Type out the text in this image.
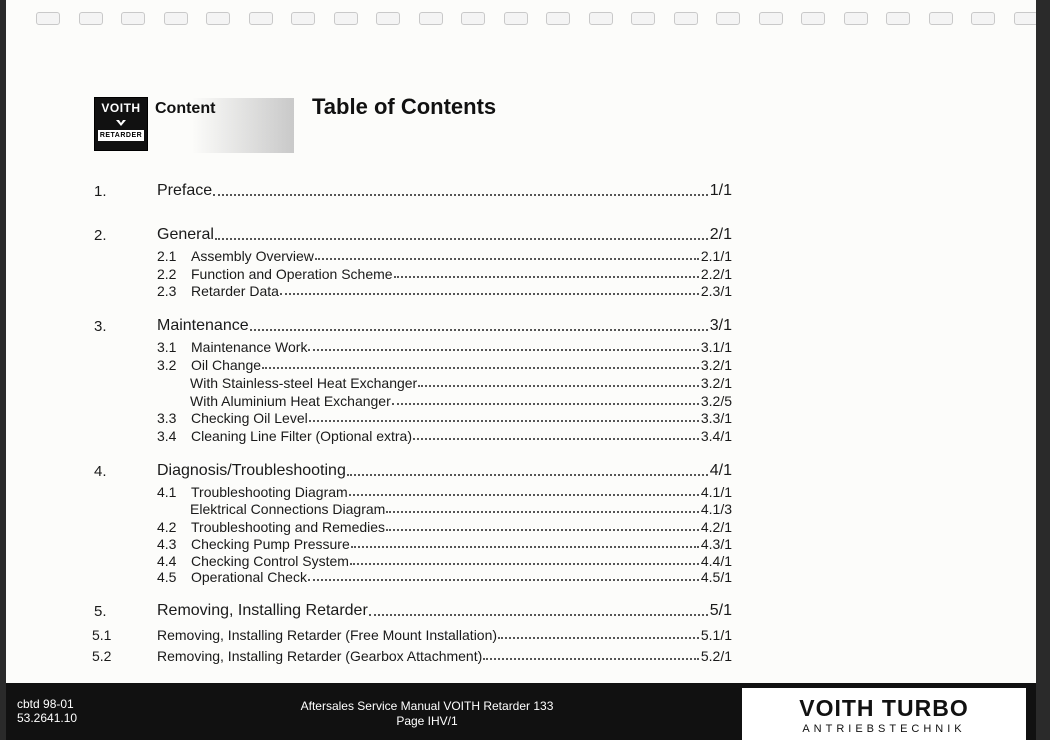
VOITH
RETARDER
Content	Table of Contents
1.	Preface	1/1
2.	General	2/1
2.1 Assembly Overview	2.1/1
2.2 Function and Operation Scheme	2.2/1
2.3 Retarder Data	2.3/1
3.	Maintenance	3/1
3.1 Maintenance Work	3.1/1
3.2 Oil Change	3.2/1
With Stainless-steel Heat Exchanger	3.2/1
With Aluminium Heat Exchanger	3.2/5
3.3 Checking Oil Level	3.3/1
3.4 Cleaning Line Filter (Optional extra)	3.4/1
4.	Diagnosis/Troubleshooting	4/1
4.1 Troubleshooting Diagram	4.1/1
Elektrical Connections Diagram	4.1/3
4.2 Troubleshooting and Remedies	4.2/1
4.3 Checking Pump Pressure	4.3/1
4.4 Checking Control System	4.4/1
4.5 Operational Check	4.5/1
5.	Removing, Installing Retarder	5/1
5.1	Removing, Installing Retarder (Free Mount Installation)	5.1/1
5.2	Removing, Installing Retarder (Gearbox Attachment)	5.2/1
cbtd 98-01
53.2641.10
Aftersales Service Manual VOITH Retarder 133
Page IHV/1	VOITH TURBO
ANTRIEBSTECHNIK
